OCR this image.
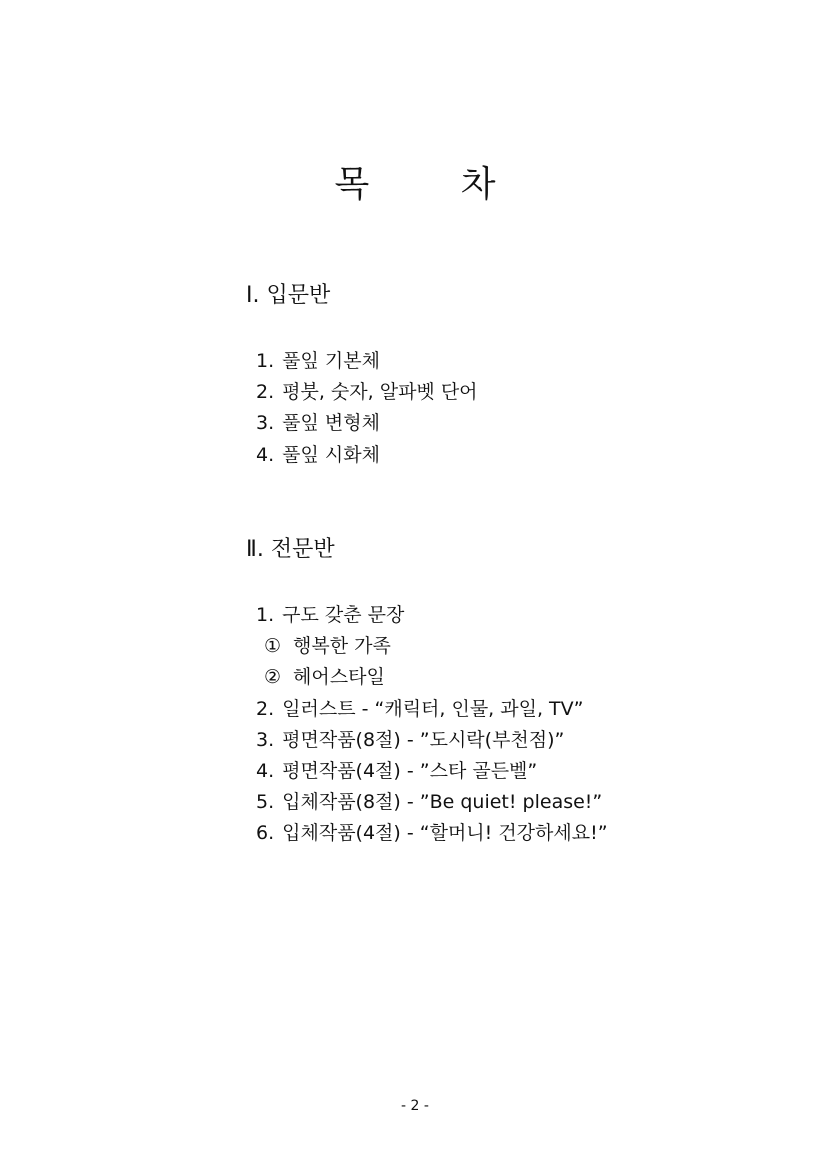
목 차
Ⅰ. 입문반
1. 풀잎 기본체
2. 평붓, 숫자, 알파벳 단어
3. 풀잎 변형체
4. 풀잎 시화체
Ⅱ. 전문반
1. 구도 갖춘 문장
① 행복한 가족
② 헤어스타일
2. 일러스트 - “캐릭터, 인물, 과일, TV”
3. 평면작품(8절) - ”도시락(부천점)”
4. 평면작품(4절) - ”스타 골든벨”
5. 입체작품(8절) - ”Be quiet! please!”
6. 입체작품(4절) - “할머니! 건강하세요!”
- 2 -
